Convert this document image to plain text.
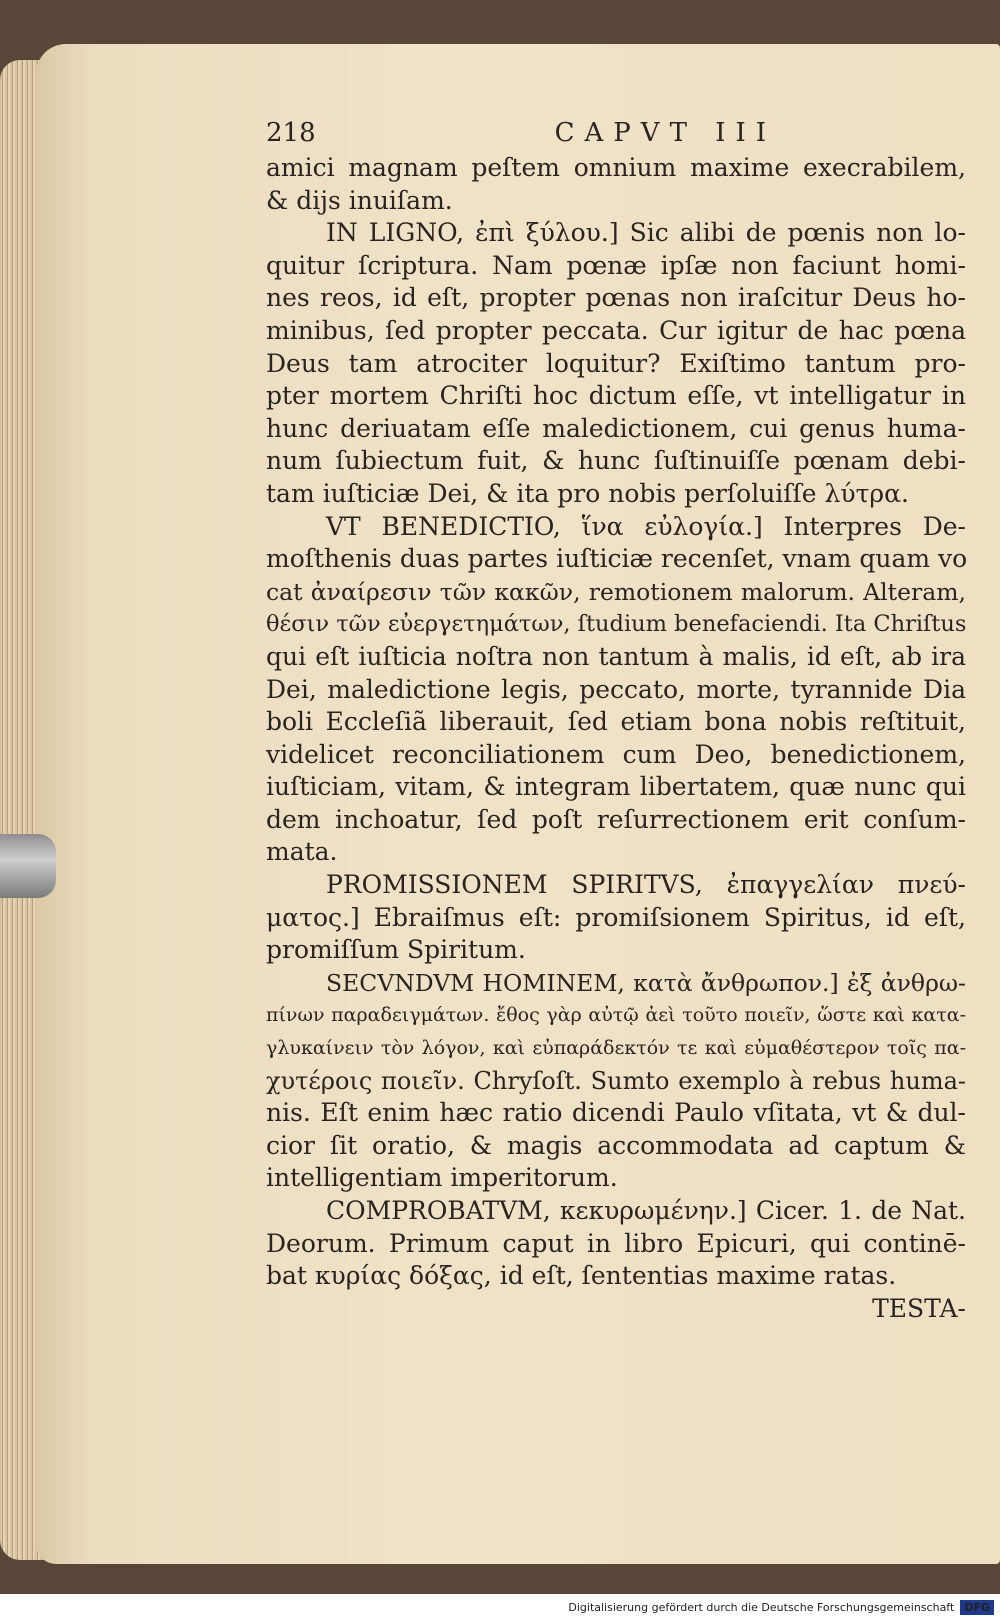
218	CAPVT III
amici magnam peſtem omnium maxime execrabilem,
& dijs inuiſam.
IN LIGNO, ἐπὶ ξύλου.] Sic alibi de pœnis non lo-
quitur ſcriptura. Nam pœnæ ipſæ non faciunt homi-
nes reos, id eſt, propter pœnas non iraſcitur Deus ho-
minibus, ſed propter peccata. Cur igitur de hac pœna
Deus tam atrociter loquitur? Exiſtimo tantum pro-
pter mortem Chriſti hoc dictum eſſe, vt intelligatur in
hunc deriuatam eſſe maledictionem, cui genus huma-
num ſubiectum fuit, & hunc ſuſtinuiſſe pœnam debi-
tam iuſticiæ Dei, & ita pro nobis perſoluiſſe λύτρα.
VT BENEDICTIO, ἵνα εὐλογία.] Interpres De-
moſthenis duas partes iuſticiæ recenſet, vnam quam vo
cat ἀναίρεσιν τῶν κακῶν, remotionem malorum. Alteram,
θέσιν τῶν εὐεργετημάτων, ſtudium benefaciendi. Ita Chriſtus
qui eſt iuſticia noſtra non tantum à malis, id eſt, ab ira
Dei, maledictione legis, peccato, morte, tyrannide Dia
boli Eccleſiã liberauit, ſed etiam bona nobis reſtituit,
videlicet reconciliationem cum Deo, benedictionem,
iuſticiam, vitam, & integram libertatem, quæ nunc qui
dem inchoatur, ſed poſt reſurrectionem erit conſum-
mata.
PROMISSIONEM SPIRITVS, ἐπαγγελίαν πνεύ-
ματος.] Ebraiſmus eſt: promiſsionem Spiritus, id eſt,
promiſſum Spiritum.
SECVNDVM HOMINEM, κατὰ ἄνθρωπον.] ἐξ ἀνθρω-
πίνων παραδειγμάτων. ἔθος γὰρ αὐτῷ ἀεὶ τοῦτο ποιεῖν, ὥστε καὶ κατα-
γλυκαίνειν τὸν λόγον, καὶ εὐπαράδεκτόν τε καὶ εὐμαθέστερον τοῖς πα-
χυτέροις ποιεῖν. Chryſoſt. Sumto exemplo à rebus huma-
nis. Eſt enim hæc ratio dicendi Paulo vſitata, vt & dul-
cior ſit oratio, & magis accommodata ad captum &
intelligentiam imperitorum.
COMPROBATVM, κεκυρωμένην.] Cicer. 1. de Nat.
Deorum. Primum caput in libro Epicuri, qui continē-
bat κυρίας δόξας, id eſt, ſententias maxime ratas.
TESTA-
Digitalisierung gefördert durch die Deutsche Forschungsgemeinschaft DFG
